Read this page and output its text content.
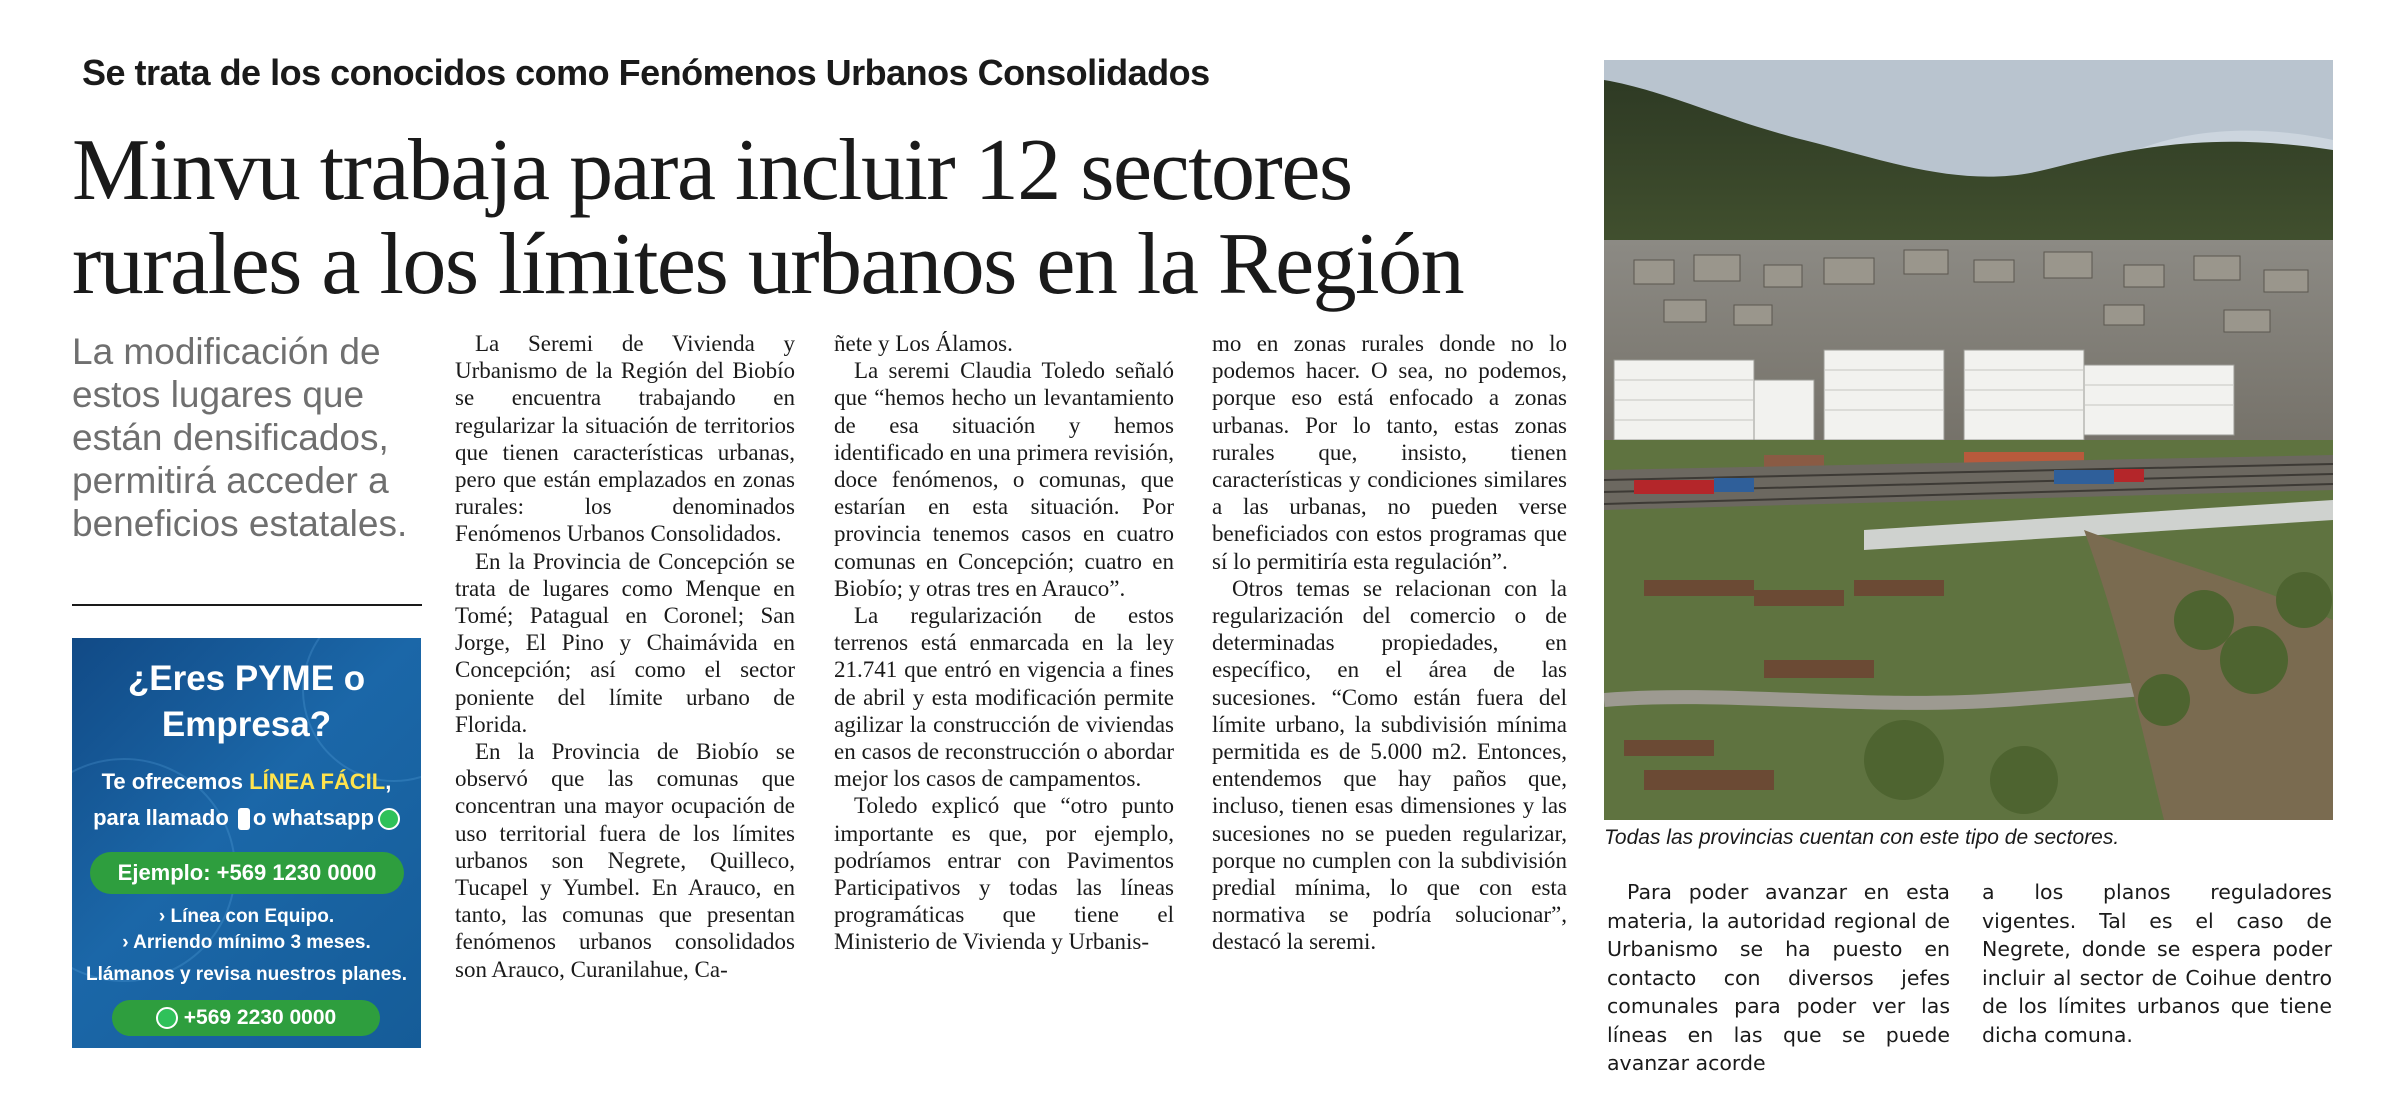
Se trata de los conocidos como Fenómenos Urbanos Consolidados
Minvu trabaja para incluir 12 sectores
rurales a los límites urbanos en la Región

La modificación de
estos lugares que
están densificados,
permitirá acceder a
beneficios estatales.

¿Eres PYME o
Empresa?
Te ofrecemos LÍNEA FÁCIL,
para llamado o whatsapp
Ejemplo: +569 1230 0000
› Línea con Equipo.
› Arriendo mínimo 3 meses.
Llámanos y revisa nuestros planes.
+569 2230 0000

La Seremi de Vivienda y Urbanismo de la Región del Biobío se encuentra trabajando en regularizar la situación de territorios que tienen características urbanas, pero que están emplazados en zonas rurales: los denominados Fenómenos Urbanos Consolidados.

En la Provincia de Concepción se trata de lugares como Menque en Tomé; Patagual en Coronel; San Jorge, El Pino y Chaimávida en Concepción; así como el sector poniente del límite urbano de Florida.

En la Provincia de Biobío se observó que las comunas que concentran una mayor ocupación de uso territorial fuera de los límites urbanos son Negrete, Quilleco, Tucapel y Yumbel. En Arauco, en tanto, las comunas que presentan fenómenos urbanos consolidados son Arauco, Curanilahue, Ca-

ñete y Los Álamos.

La seremi Claudia Toledo señaló que “hemos hecho un levantamiento de esa situación y hemos identificado en una primera revisión, doce fenómenos, o comunas, que estarían en esta situación. Por provincia tenemos casos en cuatro comunas en Concepción; cuatro en Biobío; y otras tres en Arauco”.

La regularización de estos terrenos está enmarcada en la ley 21.741 que entró en vigencia a fines de abril y esta modificación permite agilizar la construcción de viviendas en casos de reconstrucción o abordar mejor los casos de campamentos.

Toledo explicó que “otro punto importante es que, por ejemplo, podríamos entrar con Pavimentos Participativos y todas las líneas programáticas que tiene el Ministerio de Vivienda y Urbanis-

mo en zonas rurales donde no lo podemos hacer. O sea, no podemos, porque eso está enfocado a zonas urbanas. Por lo tanto, estas zonas rurales que, insisto, tienen características y condiciones similares a las urbanas, no pueden verse beneficiados con estos programas que sí lo permitiría esta regulación”.

Otros temas se relacionan con la regularización del comercio o de determinadas propiedades, en específico, en el área de las sucesiones. “Como están fuera del límite urbano, la subdivisión mínima permitida es de 5.000 m2. Entonces, entendemos que hay paños que, incluso, tienen esas dimensiones y las sucesiones no se pueden regularizar, porque no cumplen con la subdivisión predial mínima, lo que con esta normativa se podría solucionar”, destacó la seremi.

Todas las provincias cuentan con este tipo de sectores.

Para poder avanzar en esta materia, la autoridad regional de Urbanismo se ha puesto en contacto con diversos jefes comunales para poder ver las líneas en las que se puede avanzar acorde

a los planos reguladores vigentes. Tal es el caso de Negrete, donde se espera poder incluir al sector de Coihue dentro de los límites urbanos que tiene dicha comuna.
